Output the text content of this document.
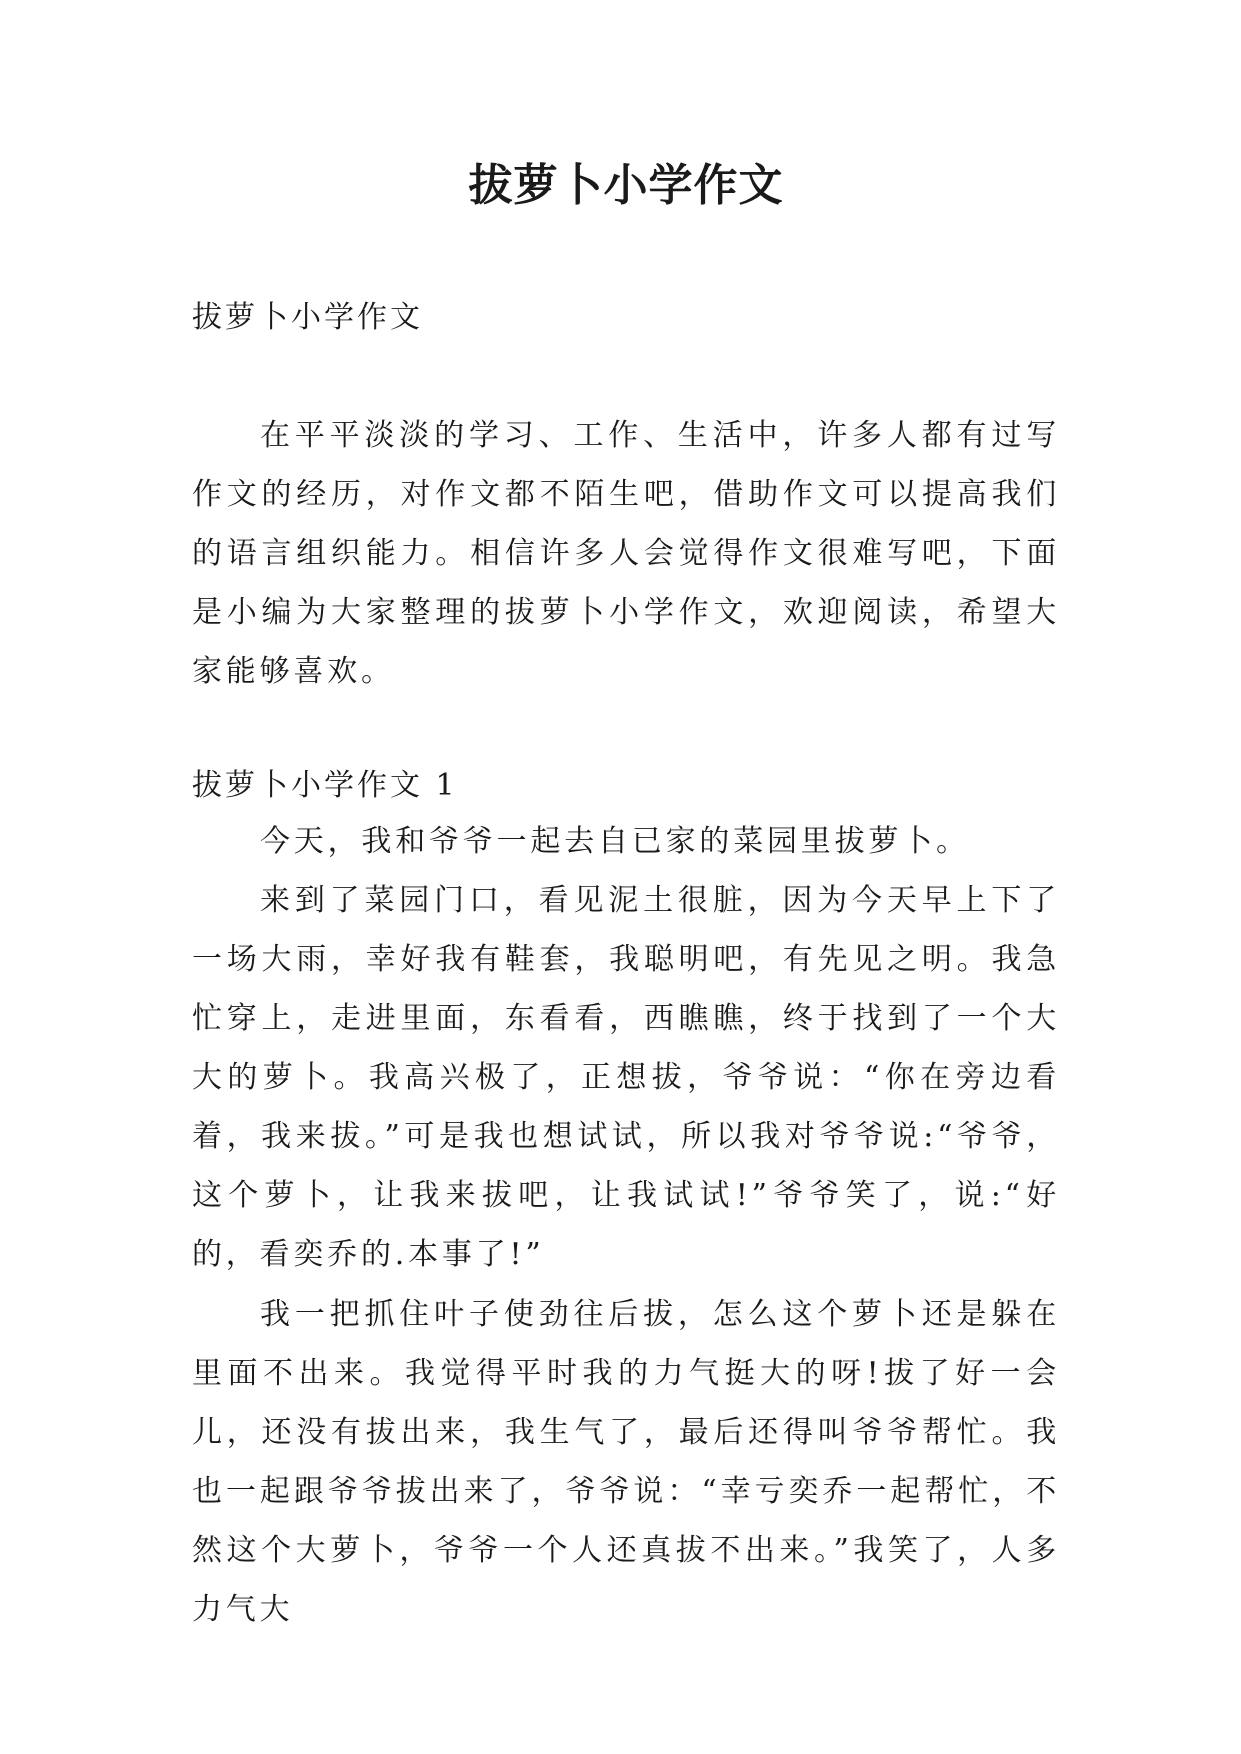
拔萝卜小学作文
拔萝卜小学作文

在平平淡淡的学习、工作、生活中，许多人都有过写作文的经历，对作文都不陌生吧，借助作文可以提高我们的语言组织能力。相信许多人会觉得作文很难写吧，下面是小编为大家整理的拔萝卜小学作文，欢迎阅读，希望大家能够喜欢。

拔萝卜小学作文 1

今天，我和爷爷一起去自已家的菜园里拔萝卜。

来到了菜园门口，看见泥土很脏，因为今天早上下了一场大雨，幸好我有鞋套，我聪明吧，有先见之明。我急忙穿上，走进里面，东看看，西瞧瞧，终于找到了一个大大的萝卜。我高兴极了，正想拔，爷爷说：“你在旁边看着，我来拔。”可是我也想试试，所以我对爷爷说:“爷爷，这个萝卜，让我来拔吧，让我试试!”爷爷笑了，说:“好的，看奕乔的.本事了!”

我一把抓住叶子使劲往后拔，怎么这个萝卜还是躲在里面不出来。我觉得平时我的力气挺大的呀!拔了好一会儿，还没有拔出来，我生气了，最后还得叫爷爷帮忙。我也一起跟爷爷拔出来了，爷爷说：“幸亏奕乔一起帮忙，不然这个大萝卜，爷爷一个人还真拔不出来。”我笑了，人多力气大
